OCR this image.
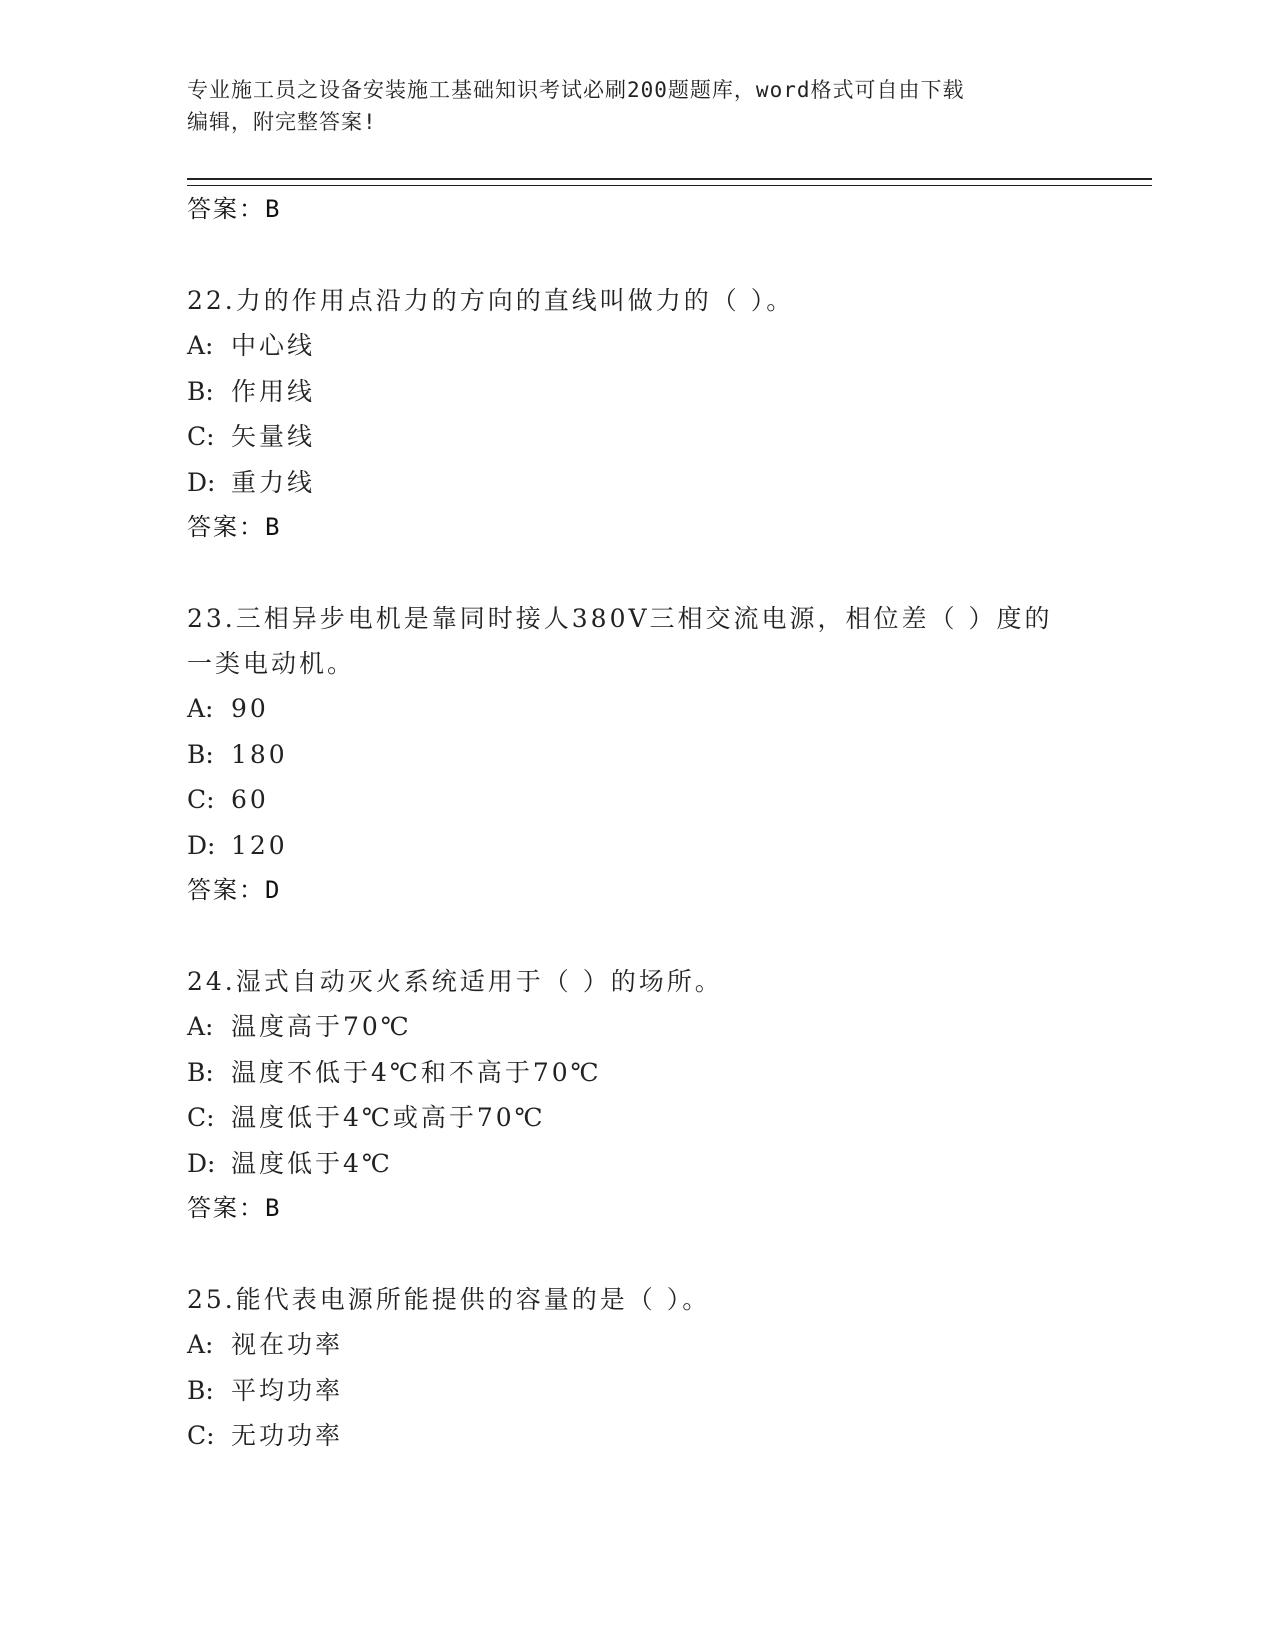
专业施工员之设备安装施工基础知识考试必刷200题题库，word格式可自由下载
编辑，附完整答案!
答案：B
22.力的作用点沿力的方向的直线叫做力的（ ）。
A: 中心线
B: 作用线
C: 矢量线
D: 重力线
答案：B
23.三相异步电机是靠同时接人380V三相交流电源，相位差（ ）度的
一类电动机。
A: 90
B: 180
C: 60
D: 120
答案：D
24.湿式自动灭火系统适用于（ ）的场所。
A: 温度高于70℃
B: 温度不低于4℃和不高于70℃
C: 温度低于4℃或高于70℃
D: 温度低于4℃
答案：B
25.能代表电源所能提供的容量的是（ ）。
A: 视在功率
B: 平均功率
C: 无功功率
